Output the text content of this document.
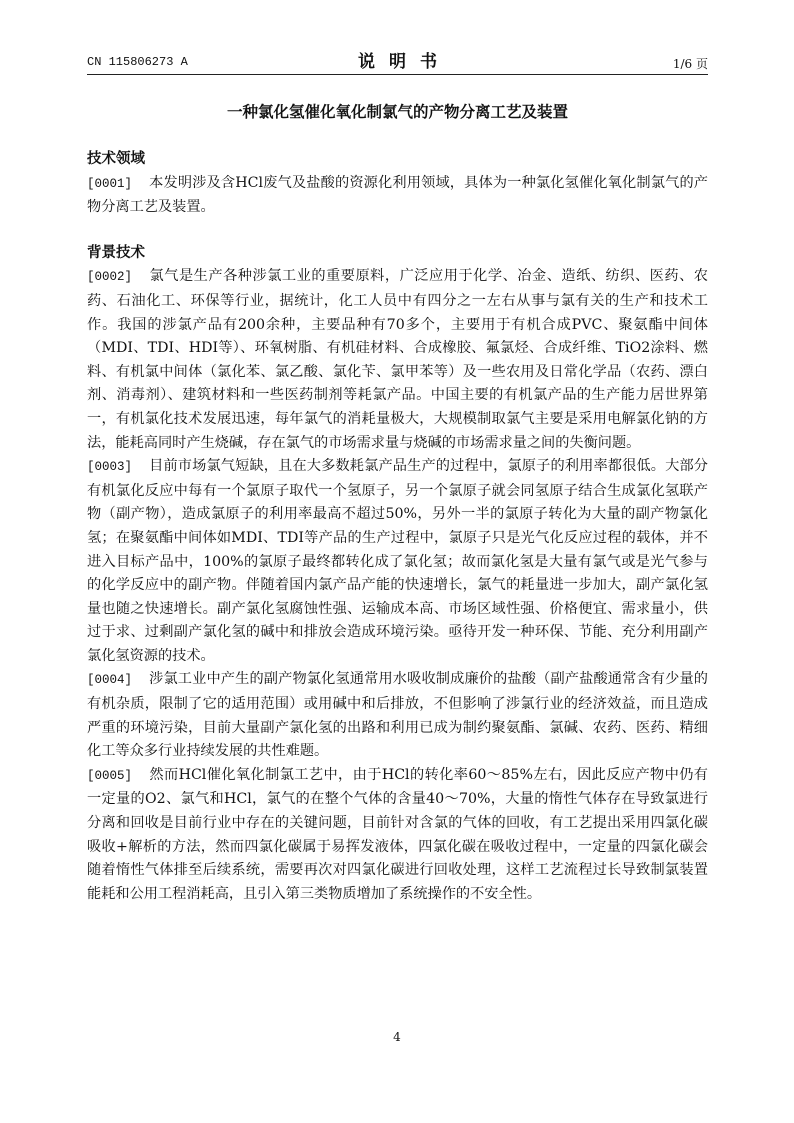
CN 115806273 A	说明书	1/6 页
一种氯化氢催化氧化制氯气的产物分离工艺及装置
技术领域

[0001] 本发明涉及含HCl废气及盐酸的资源化利用领域，具体为一种氯化氢催化氧化制氯气的产物分离工艺及装置。

背景技术

[0002] 氯气是生产各种涉氯工业的重要原料，广泛应用于化学、冶金、造纸、纺织、医药、农药、石油化工、环保等行业，据统计，化工人员中有四分之一左右从事与氯有关的生产和技术工作。我国的涉氯产品有200余种，主要品种有70多个，主要用于有机合成PVC、聚氨酯中间体（MDI、TDI、HDI等）、环氧树脂、有机硅材料、合成橡胶、氟氯烃、合成纤维、TiO2涂料、燃料、有机氯中间体（氯化苯、氯乙酸、氯化苄、氯甲苯等）及一些农用及日常化学品（农药、漂白剂、消毒剂）、建筑材料和一些医药制剂等耗氯产品。中国主要的有机氯产品的生产能力居世界第一，有机氯化技术发展迅速，每年氯气的消耗量极大，大规模制取氯气主要是采用电解氯化钠的方法，能耗高同时产生烧碱，存在氯气的市场需求量与烧碱的市场需求量之间的失衡问题。

[0003] 目前市场氯气短缺，且在大多数耗氯产品生产的过程中，氯原子的利用率都很低。大部分有机氯化反应中每有一个氯原子取代一个氢原子，另一个氯原子就会同氢原子结合生成氯化氢联产物（副产物），造成氯原子的利用率最高不超过50%，另外一半的氯原子转化为大量的副产物氯化氢；在聚氨酯中间体如MDI、TDI等产品的生产过程中，氯原子只是光气化反应过程的载体，并不进入目标产品中，100%的氯原子最终都转化成了氯化氢；故而氯化氢是大量有氯气或是光气参与的化学反应中的副产物。伴随着国内氯产品产能的快速增长，氯气的耗量进一步加大，副产氯化氢量也随之快速增长。副产氯化氢腐蚀性强、运输成本高、市场区域性强、价格便宜、需求量小，供过于求、过剩副产氯化氢的碱中和排放会造成环境污染。亟待开发一种环保、节能、充分利用副产氯化氢资源的技术。

[0004] 涉氯工业中产生的副产物氯化氢通常用水吸收制成廉价的盐酸（副产盐酸通常含有少量的有机杂质，限制了它的适用范围）或用碱中和后排放，不但影响了涉氯行业的经济效益，而且造成严重的环境污染，目前大量副产氯化氢的出路和利用已成为制约聚氨酯、氯碱、农药、医药、精细化工等众多行业持续发展的共性难题。

[0005] 然而HCl催化氧化制氯工艺中，由于HCl的转化率60～85%左右，因此反应产物中仍有一定量的O2、氯气和HCl，氯气的在整个气体的含量40～70%，大量的惰性气体存在导致氯进行分离和回收是目前行业中存在的关键问题，目前针对含氯的气体的回收，有工艺提出采用四氯化碳吸收+解析的方法，然而四氯化碳属于易挥发液体，四氯化碳在吸收过程中，一定量的四氯化碳会随着惰性气体排至后续系统，需要再次对四氯化碳进行回收处理，这样工艺流程过长导致制氯装置能耗和公用工程消耗高，且引入第三类物质增加了系统操作的不安全性。

4
